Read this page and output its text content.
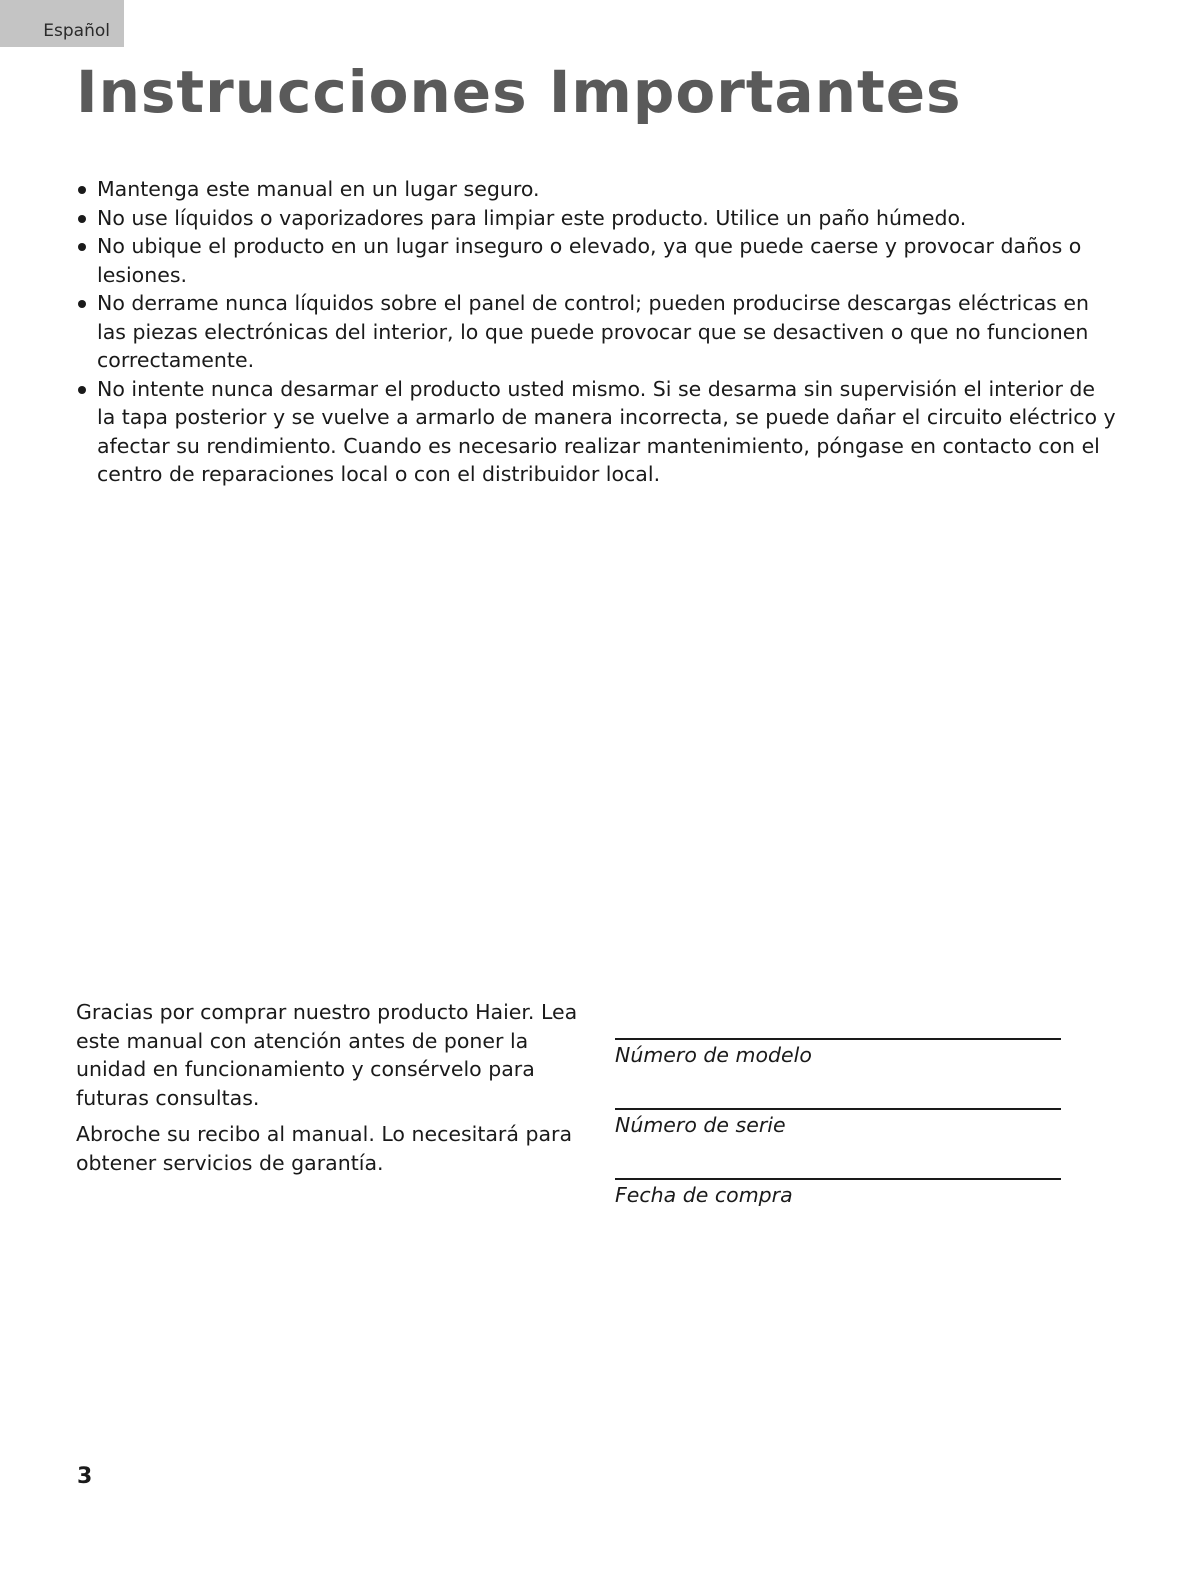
Español
Instrucciones Importantes
Mantenga este manual en un lugar seguro.
No use líquidos o vaporizadores para limpiar este producto. Utilice un paño húmedo.
No ubique el producto en un lugar inseguro o elevado, ya que puede caerse y provocar daños o lesiones.
No derrame nunca líquidos sobre el panel de control; pueden producirse descargas eléctricas en las piezas electrónicas del interior, lo que puede provocar que se desactiven o que no funcionen correctamente.
No intente nunca desarmar el producto usted mismo. Si se desarma sin supervisión el interior de la tapa posterior y se vuelve a armarlo de manera incorrecta, se puede dañar el circuito eléctrico y afectar su rendimiento. Cuando es necesario realizar mantenimiento, póngase en contacto con el centro de reparaciones local o con el distribuidor local.

Gracias por comprar nuestro producto Haier. Lea este manual con atención antes de poner la unidad en funcionamiento y consérvelo para futuras consultas.

Abroche su recibo al manual. Lo necesitará para obtener servicios de garantía.

Número de modelo
Número de serie
Fecha de compra
3
